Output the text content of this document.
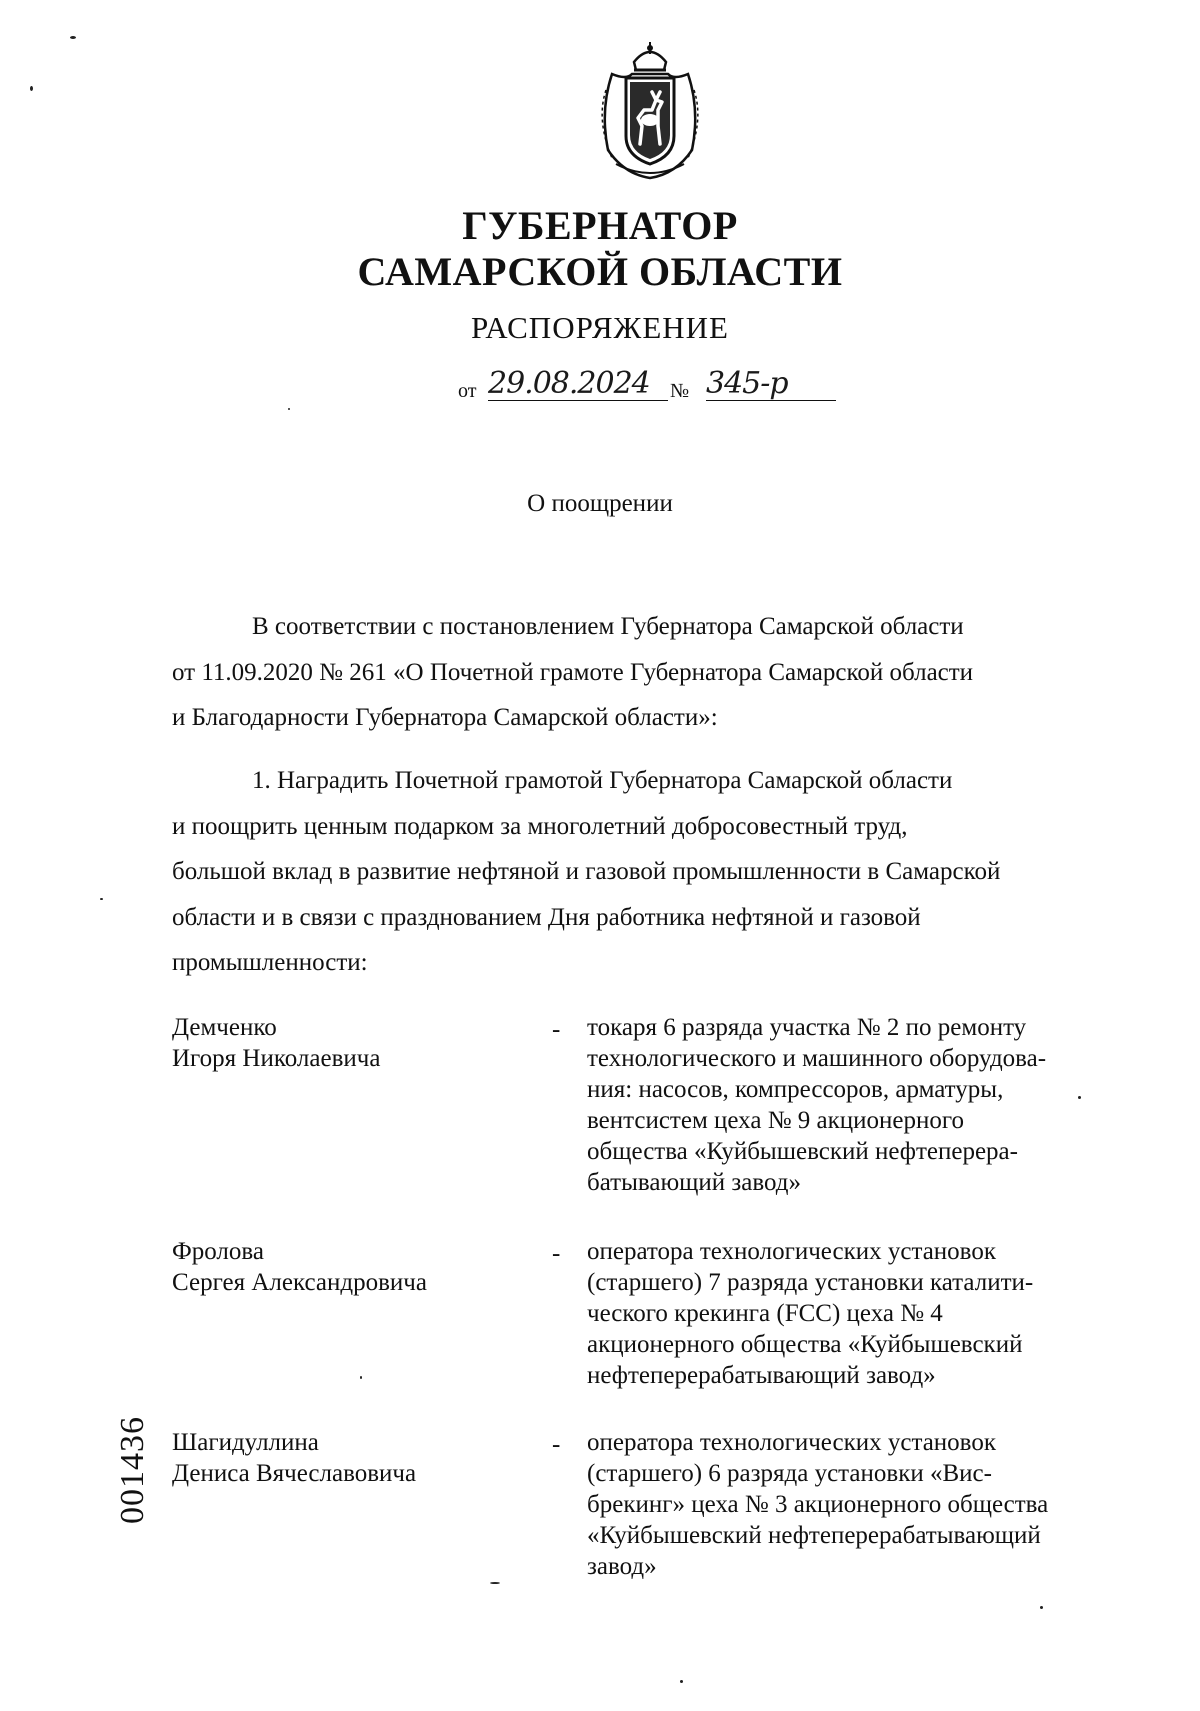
ГУБЕРНАТОР
САМАРСКОЙ ОБЛАСТИ
РАСПОРЯЖЕНИЕ
от 29.08.2024	№ 345-р
О поощрении
В соответствии с постановлением Губернатора Самарской области
от 11.09.2020 № 261 «О Почетной грамоте Губернатора Самарской области
и Благодарности Губернатора Самарской области»:
1. Наградить Почетной грамотой Губернатора Самарской области
и поощрить ценным подарком за многолетний добросовестный труд,
большой вклад в развитие нефтяной и газовой промышленности в Самарской
области и в связи с празднованием Дня работника нефтяной и газовой
промышленности:
Демченко
Игоря Николаевича
-	токаря 6 разряда участка № 2 по ремонту
технологического и машинного оборудова-
ния: насосов, компрессоров, арматуры,
вентсистем цеха № 9 акционерного
общества «Куйбышевский нефтеперера-
батывающий завод»
Фролова
Сергея Александровича
-	оператора технологических установок
(старшего) 7 разряда установки каталити-
ческого крекинга (FCC) цеха № 4
акционерного общества «Куйбышевский
нефтеперерабатывающий завод»
Шагидуллина
Дениса Вячеславовича
-	оператора технологических установок
(старшего) 6 разряда установки «Вис-
брекинг» цеха № 3 акционерного общества
«Куйбышевский нефтеперерабатывающий
завод»
001436
